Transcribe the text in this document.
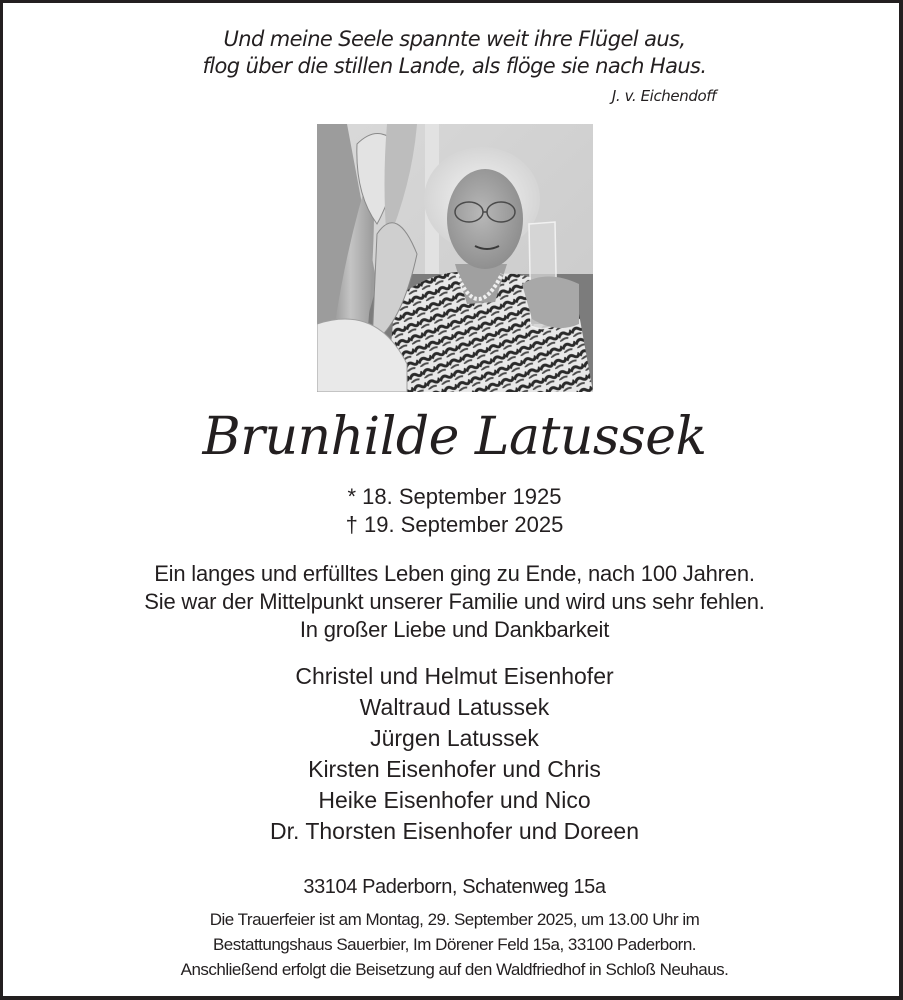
Und meine Seele spannte weit ihre Flügel aus,
flog über die stillen Lande, als flöge sie nach Haus.
J. v. Eichendoff
Brunhilde Latussek
* 18. September 1925
† 19. September 2025
Ein langes und erfülltes Leben ging zu Ende, nach 100 Jahren.
Sie war der Mittelpunkt unserer Familie und wird uns sehr fehlen.
In großer Liebe und Dankbarkeit
Christel und Helmut Eisenhofer
Waltraud Latussek
Jürgen Latussek
Kirsten Eisenhofer und Chris
Heike Eisenhofer und Nico
Dr. Thorsten Eisenhofer und Doreen
33104 Paderborn, Schatenweg 15a
Die Trauerfeier ist am Montag, 29. September 2025, um 13.00 Uhr im
Bestattungshaus Sauerbier, Im Dörener Feld 15a, 33100 Paderborn.
Anschließend erfolgt die Beisetzung auf den Waldfriedhof in Schloß Neuhaus.
